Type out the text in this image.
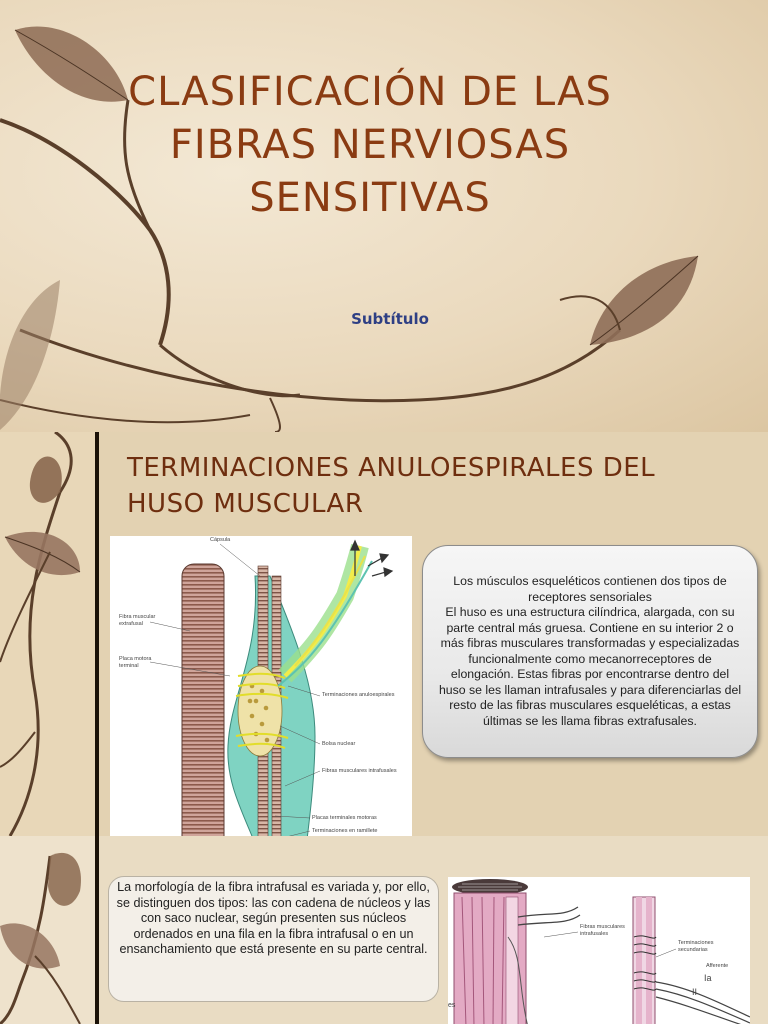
CLASIFICACIÓN DE LAS
FIBRAS NERVIOSAS
SENSITIVAS
Subtítulo
TERMINACIONES ANULOESPIRALES DEL
HUSO MUSCULAR
Cápsula
Fibra muscular extrafusal
Placa motora terminal
Terminaciones anuloespirales
Bolsa nuclear
Fibras musculares intrafusales
Placas terminales motoras
Terminaciones en ramillete

Los músculos esqueléticos contienen dos tipos de receptores sensoriales

El huso es una estructura cilíndrica, alargada, con su parte central más gruesa. Contiene en su interior 2 o más fibras musculares transformadas y especializadas funcionalmente como mecanorreceptores de elongación. Estas fibras por encontrarse dentro del huso se les llaman intrafusales y para diferenciarlas del resto de las fibras musculares esqueléticas, a estas últimas se les llama fibras extrafusales.

La morfología de la fibra intrafusal es variada y, por ello, se distinguen dos tipos: las con cadena de núcleos y las con saco nuclear, según presenten sus núcleos ordenados en una fila en la fibra intrafusal o en un ensanchamiento que está presente en su parte central.

Fibras musculares intrafusales
Terminaciones secundarias
Afferente
Ia
II
es
